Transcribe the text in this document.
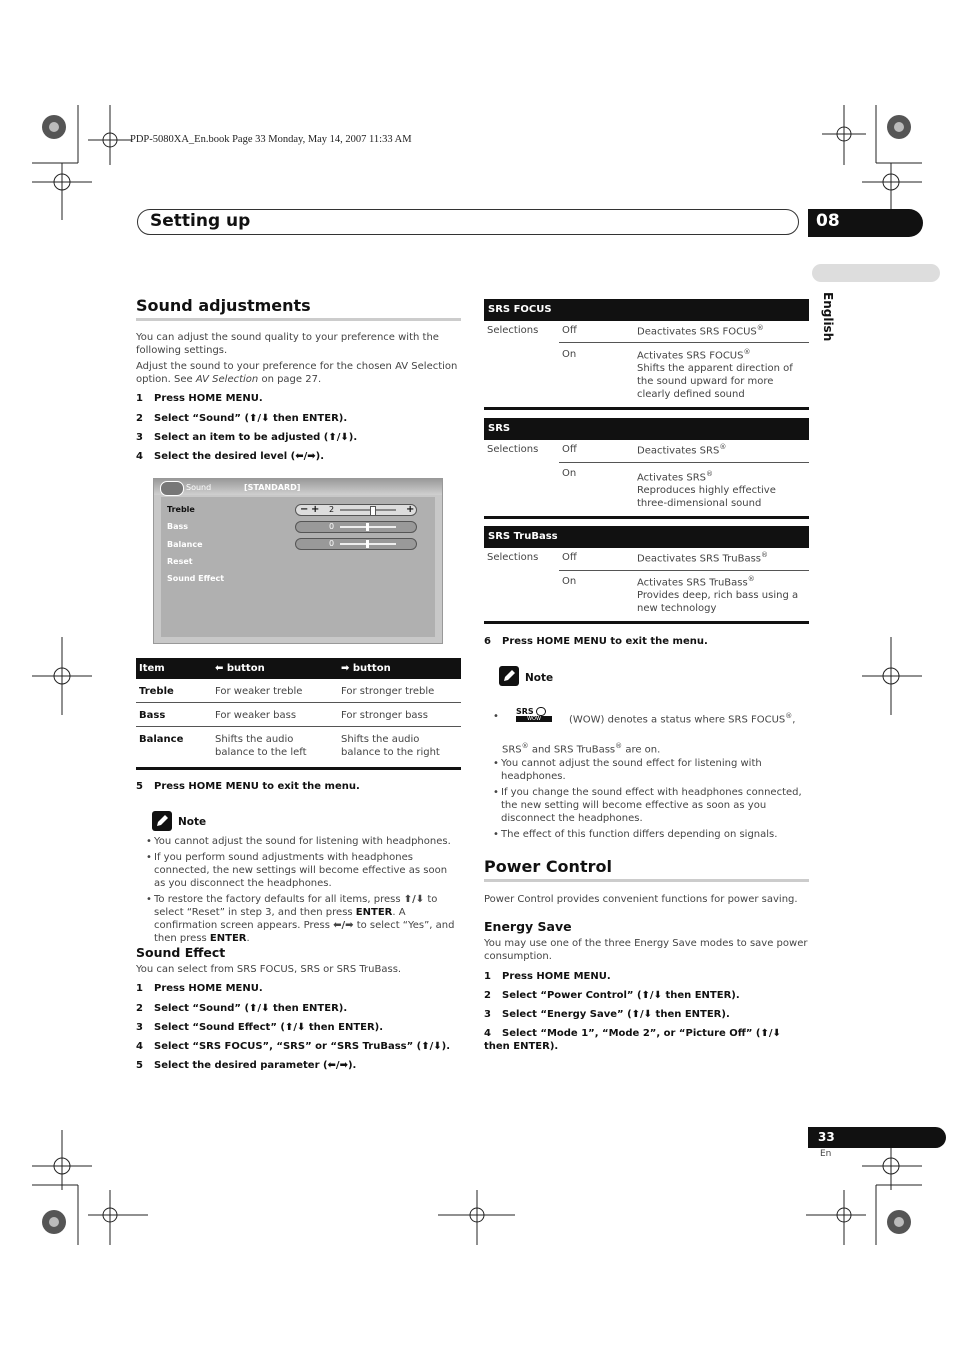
PDP-5080XA_En.book Page 33 Monday, May 14, 2007 11:33 AM
Setting up	08
English
Sound adjustments
You can adjust the sound quality to your preference with the following settings.
Adjust the sound to your preference for the chosen AV Selection option. See AV Selection on page 27.
1 Press HOME MENU.
2 Select “Sound” (⬆/⬇ then ENTER).
3 Select an item to be adjusted (⬆/⬇).
4 Select the desired level (⬅/➡).
Sound	[STANDARD]
Treble
Bass
Balance
Reset
Sound Effect
− + 2	+
0
0
Item	⬅ button	➡ button
Treble	For weaker treble	For stronger treble
Bass	For weaker bass	For stronger bass
Balance	Shifts the audio balance to the left	Shifts the audio balance to the right
5 Press HOME MENU to exit the menu.
Note
• You cannot adjust the sound for listening with headphones.
• If you perform sound adjustments with headphones connected, the new settings will become effective as soon as you disconnect the headphones.
• To restore the factory defaults for all items, press ⬆/⬇ to select “Reset” in step 3, and then press ENTER. A confirmation screen appears. Press ⬅/➡ to select “Yes”, and then press ENTER.
Sound Effect
You can select from SRS FOCUS, SRS or SRS TruBass.
1 Press HOME MENU.
2 Select “Sound” (⬆/⬇ then ENTER).
3 Select “Sound Effect” (⬆/⬇ then ENTER).
4 Select “SRS FOCUS”, “SRS” or “SRS TruBass” (⬆/⬇).
5 Select the desired parameter (⬅/➡).
SRS FOCUS
Selections Off	Deactivates SRS FOCUS®
On	Activates SRS FOCUS®
Shifts the apparent direction of the sound upward for more clearly defined sound
SRS
Selections Off	Deactivates SRS®
On	Activates SRS®
Reproduces highly effective three-dimensional sound
SRS TruBass
Selections Off	Deactivates SRS TruBass®
On	Activates SRS TruBass®
Provides deep, rich bass using a new technology
6 Press HOME MENU to exit the menu.
Note
• SRS
WOW	(WOW) denotes a status where SRS FOCUS®,
SRS® and SRS TruBass® are on.
• You cannot adjust the sound effect for listening with headphones.
• If you change the sound effect with headphones connected, the new setting will become effective as soon as you disconnect the headphones.
• The effect of this function differs depending on signals.
Power Control
Power Control provides convenient functions for power saving.
Energy Save
You may use one of the three Energy Save modes to save power consumption.
1 Press HOME MENU.
2 Select “Power Control” (⬆/⬇ then ENTER).
3 Select “Energy Save” (⬆/⬇ then ENTER).
4 Select “Mode 1”, “Mode 2”, or “Picture Off” (⬆/⬇ then ENTER).
33
En
